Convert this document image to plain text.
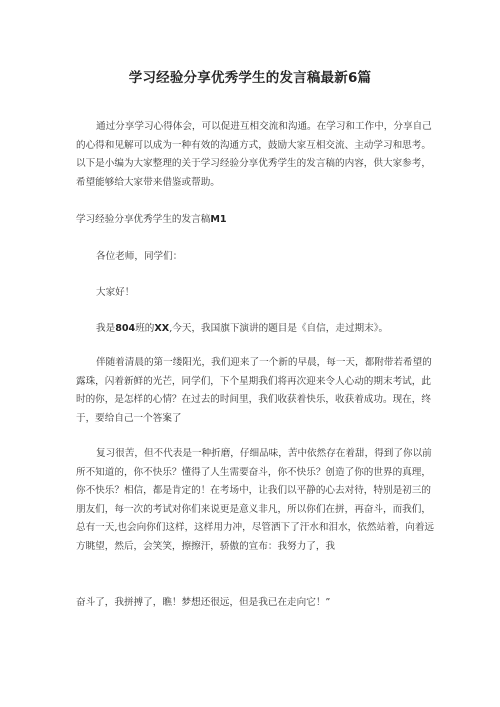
学习经验分享优秀学生的发言稿最新6篇
通过分享学习心得体会，可以促进互相交流和沟通。在学习和工作中，分享自己的心得和见解可以成为一种有效的沟通方式，鼓励大家互相交流、主动学习和思考。以下是小编为大家整理的关于学习经验分享优秀学生的发言稿的内容，供大家参考，希望能够给大家带来借鉴或帮助。
学习经验分享优秀学生的发言稿M1
各位老师，同学们：
大家好！
我是804班的XX,今天，我国旗下演讲的题目是《自信，走过期末》。
伴随着清晨的第一缕阳光，我们迎来了一个新的早晨，每一天，都附带若希望的露珠，闪着新鲜的光芒，同学们，下个星期我们将再次迎来令人心动的期末考试，此时的你，是怎样的心情？在过去的时间里，我们收获着快乐，收获着成功。现在，终于，要给自己一个答案了
复习很苦，但不代表是一种折磨，仔细品味，苦中依然存在着甜，得到了你以前所不知道的，你不快乐？懂得了人生需要奋斗，你不快乐？创造了你的世界的真理，你不快乐？相信，都是肯定的！在考场中，让我们以平静的心去对待，特别是初三的朋友们，每一次的考试对你们来说更是意义非凡，所以你们在拼，再奋斗，而我们，总有一天,也会向你们这样，这样用力冲，尽管洒下了汗水和泪水，依然站着，向着远方眺望，然后，会笑笑，擦擦汗，骄傲的宣布：我努力了，我
奋斗了，我拼搏了，瞧！梦想还很远，但是我已在走向它！”
